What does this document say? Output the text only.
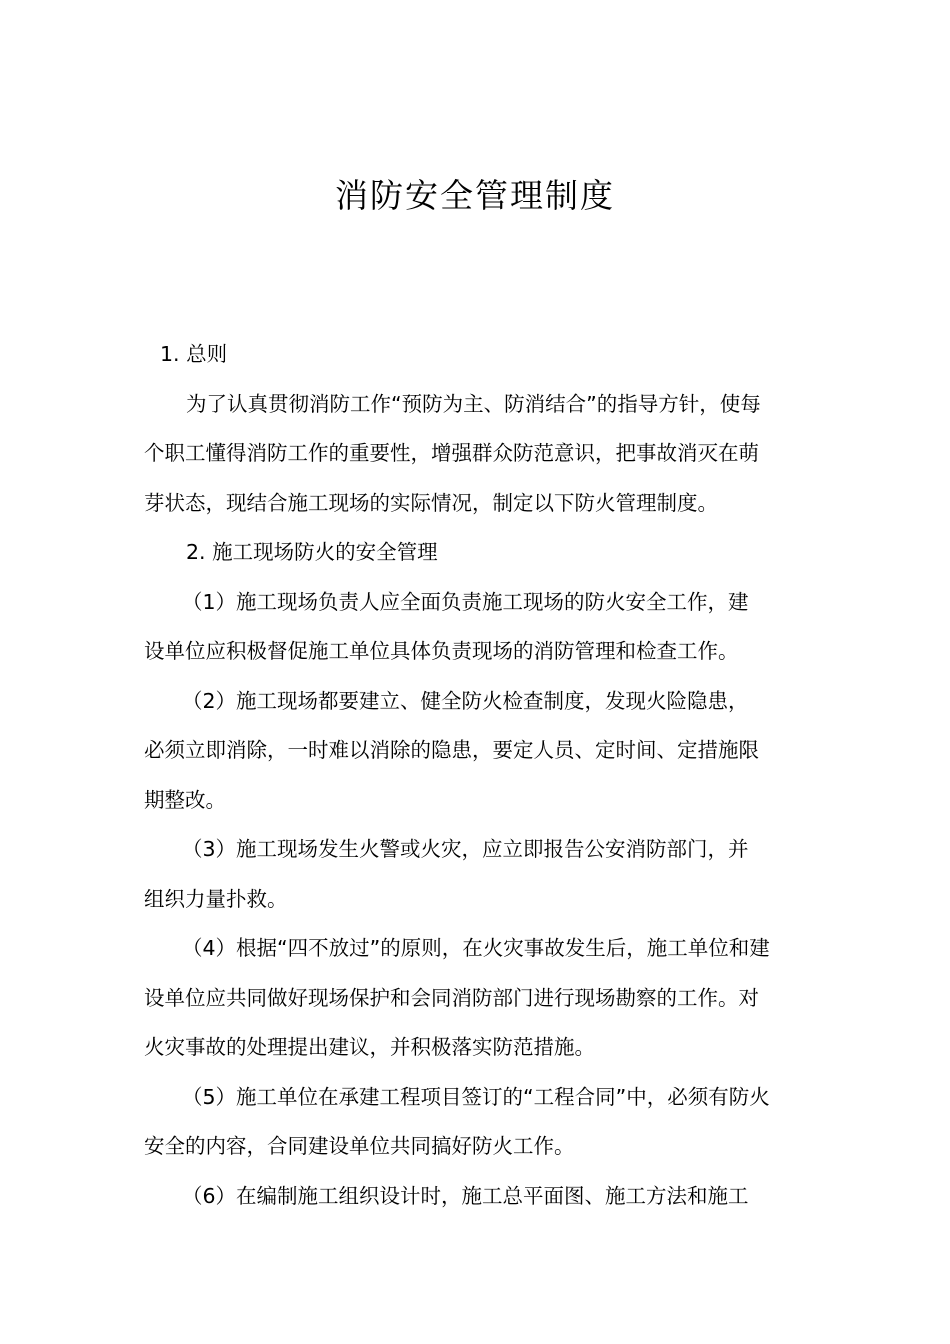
消防安全管理制度

1. 总则

为了认真贯彻消防工作“预防为主、防消结合”的指导方针，使每

个职工懂得消防工作的重要性，增强群众防范意识，把事故消灭在萌

芽状态，现结合施工现场的实际情况，制定以下防火管理制度。

2. 施工现场防火的安全管理

（1）施工现场负责人应全面负责施工现场的防火安全工作，建

设单位应积极督促施工单位具体负责现场的消防管理和检查工作。

（2）施工现场都要建立、健全防火检查制度，发现火险隐患，

必须立即消除，一时难以消除的隐患，要定人员、定时间、定措施限

期整改。

（3）施工现场发生火警或火灾，应立即报告公安消防部门，并

组织力量扑救。

（4）根据“四不放过”的原则，在火灾事故发生后，施工单位和建

设单位应共同做好现场保护和会同消防部门进行现场勘察的工作。对

火灾事故的处理提出建议，并积极落实防范措施。

（5）施工单位在承建工程项目签订的“工程合同”中，必须有防火

安全的内容，合同建设单位共同搞好防火工作。

（6）在编制施工组织设计时，施工总平面图、施工方法和施工
